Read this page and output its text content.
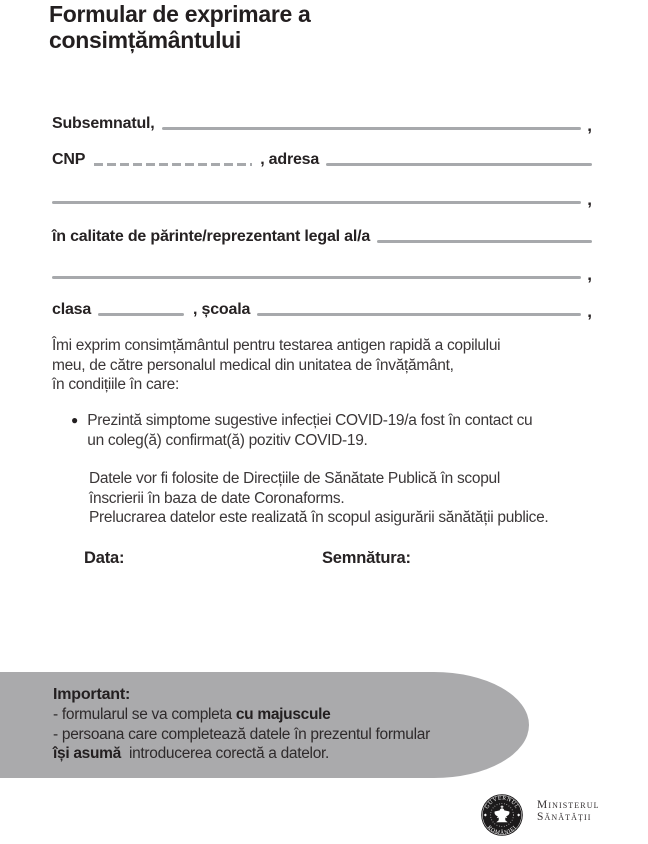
Formular de exprimare a
consimțământului
Subsemnatul,	,
CNP	, adresa
,
în calitate de părinte/reprezentant legal al/a
,
clasa	, școala	,
Îmi exprim consimțământul pentru testarea antigen rapidă a copilului
meu, de către personalul medical din unitatea de învățământ,
în condițiile în care:
● Prezintă simptome sugestive infecției COVID-19/a fost în contact cu
un coleg(ă) confirmat(ă) pozitiv COVID-19.
Datele vor fi folosite de Direcțiile de Sănătate Publică în scopul
înscrierii în baza de date Coronaforms.
Prelucrarea datelor este realizată în scopul asigurării sănătății publice.
Data:	Semnătura:
Important:
- formularul se va completa cu majuscule
- persoana care completează datele în prezentul formular
își asumă introducerea corectă a datelor.
GUVERNUL
ROMÂNIEI
Ministerul
Sănătății
